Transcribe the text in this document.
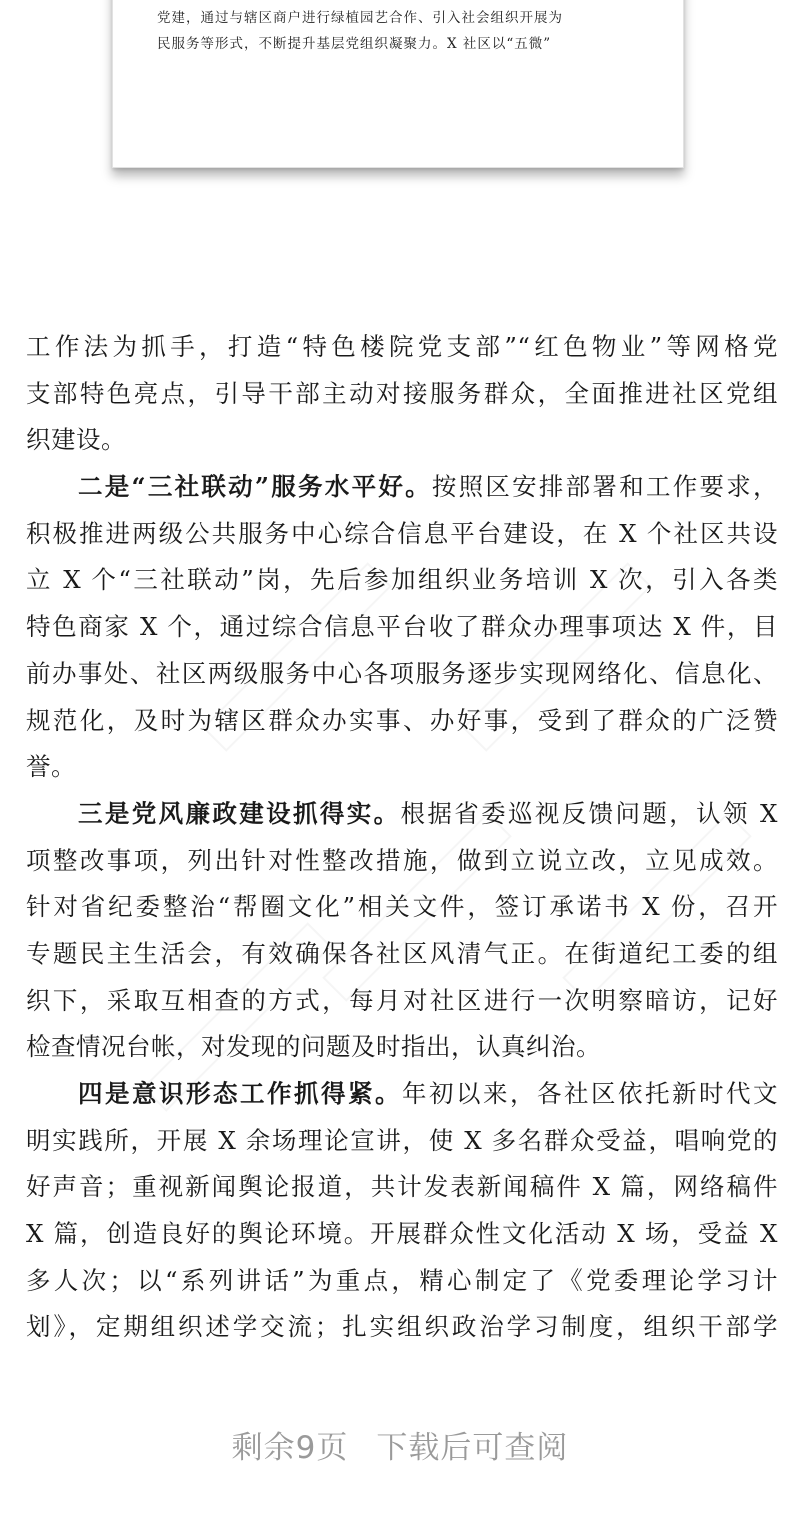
党建，通过与辖区商户进行绿植园艺合作、引入社会组织开展为

民服务等形式，不断提升基层党组织凝聚力。X 社区以“五微”

工作法为抓手，打造“特色楼院党支部”“红色物业”等网格党
支部特色亮点，引导干部主动对接服务群众，全面推进社区党组
织建设。
二是“三社联动”服务水平好。按照区安排部署和工作要求，
积极推进两级公共服务中心综合信息平台建设，在 X 个社区共设
立 X 个“三社联动”岗，先后参加组织业务培训 X 次，引入各类
特色商家 X 个，通过综合信息平台收了群众办理事项达 X 件，目
前办事处、社区两级服务中心各项服务逐步实现网络化、信息化、
规范化，及时为辖区群众办实事、办好事，受到了群众的广泛赞
誉。
三是党风廉政建设抓得实。根据省委巡视反馈问题，认领 X
项整改事项，列出针对性整改措施，做到立说立改，立见成效。
针对省纪委整治“帮圈文化”相关文件，签订承诺书 X 份，召开
专题民主生活会，有效确保各社区风清气正。在街道纪工委的组
织下，采取互相查的方式，每月对社区进行一次明察暗访，记好
检查情况台帐，对发现的问题及时指出，认真纠治。
四是意识形态工作抓得紧。年初以来，各社区依托新时代文
明实践所，开展 X 余场理论宣讲，使 X 多名群众受益，唱响党的
好声音；重视新闻舆论报道，共计发表新闻稿件 X 篇，网络稿件
X 篇，创造良好的舆论环境。开展群众性文化活动 X 场，受益 X
多人次；以“系列讲话”为重点，精心制定了《党委理论学习计
划》，定期组织述学交流；扎实组织政治学习制度，组织干部学
剩余9页 下载后可查阅
